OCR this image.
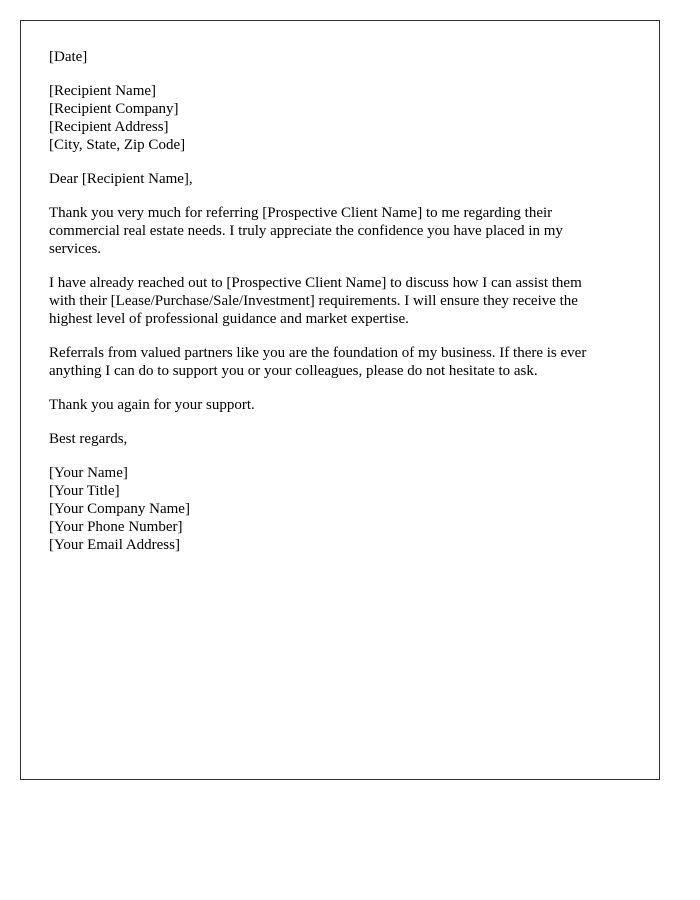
[Date]
[Recipient Name]
[Recipient Company]
[Recipient Address]
[City, State, Zip Code]
Dear [Recipient Name],
Thank you very much for referring [Prospective Client Name] to me regarding their
commercial real estate needs. I truly appreciate the confidence you have placed in my
services.
I have already reached out to [Prospective Client Name] to discuss how I can assist them
with their [Lease/Purchase/Sale/Investment] requirements. I will ensure they receive the
highest level of professional guidance and market expertise.
Referrals from valued partners like you are the foundation of my business. If there is ever
anything I can do to support you or your colleagues, please do not hesitate to ask.
Thank you again for your support.
Best regards,
[Your Name]
[Your Title]
[Your Company Name]
[Your Phone Number]
[Your Email Address]
